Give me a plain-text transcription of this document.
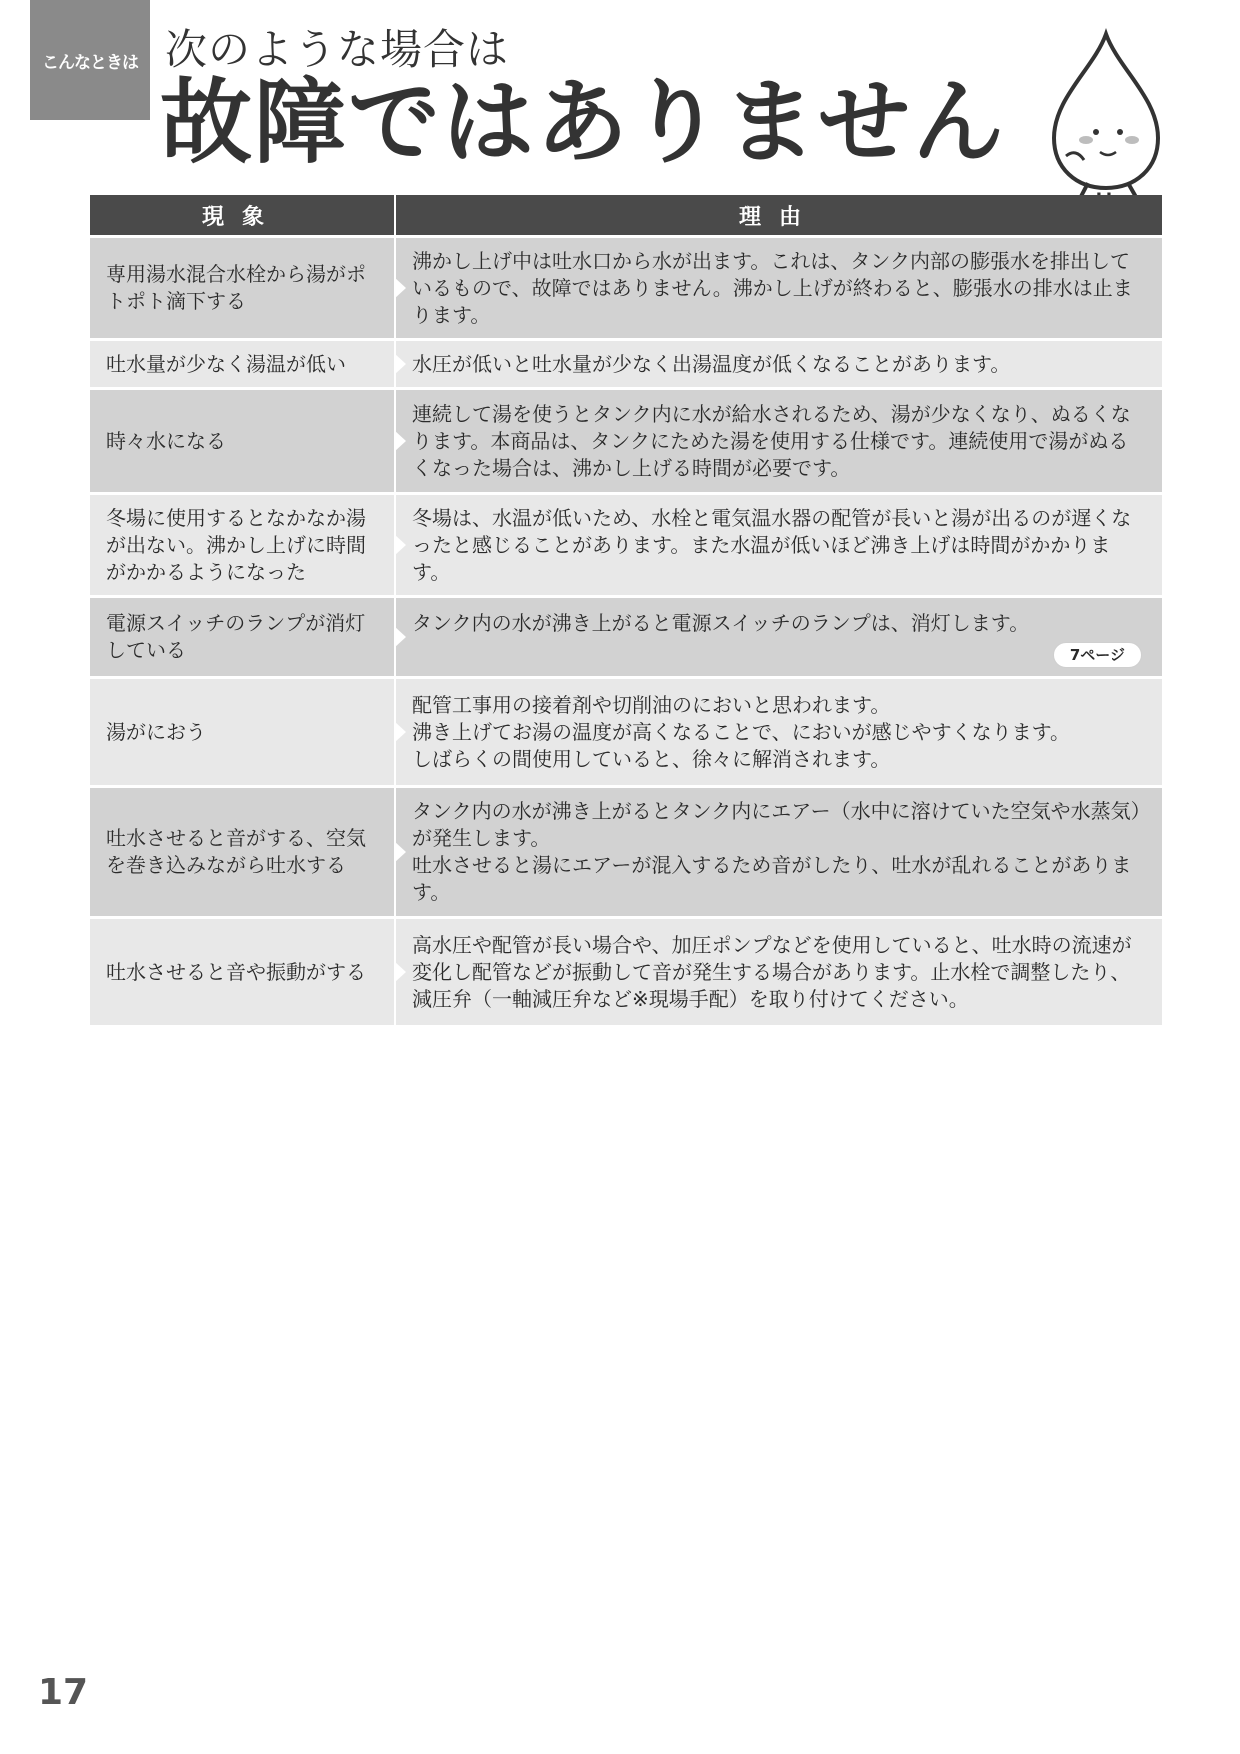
こんなときは 次のような場合は
故障ではありません
現象	理由
専用湯水混合水栓から湯がポトポト滴下する
沸かし上げ中は吐水口から水が出ます。これは、タンク内部の膨張水を排出しているもので、故障ではありません。沸かし上げが終わると、膨張水の排水は止まります。
吐水量が少なく湯温が低い	水圧が低いと吐水量が少なく出湯温度が低くなることがあります。
時々水になる
連続して湯を使うとタンク内に水が給水されるため、湯が少なくなり、ぬるくなります。本商品は、タンクにためた湯を使用する仕様です。連続使用で湯がぬるくなった場合は、沸かし上げる時間が必要です。
冬場に使用するとなかなか湯が出ない。沸かし上げに時間がかかるようになった
冬場は、水温が低いため、水栓と電気温水器の配管が長いと湯が出るのが遅くなったと感じることがあります。また水温が低いほど沸き上げは時間がかかります。
電源スイッチのランプが消灯している
タンク内の水が沸き上がると電源スイッチのランプは、消灯します。
7ページ
湯がにおう
配管工事用の接着剤や切削油のにおいと思われます。
沸き上げてお湯の温度が高くなることで、においが感じやすくなります。
しばらくの間使用していると、徐々に解消されます。
吐水させると音がする、空気を巻き込みながら吐水する
タンク内の水が沸き上がるとタンク内にエアー（水中に溶けていた空気や水蒸気）が発生します。
吐水させると湯にエアーが混入するため音がしたり、吐水が乱れることがあります。
吐水させると音や振動がする
高水圧や配管が長い場合や、加圧ポンプなどを使用していると、吐水時の流速が変化し配管などが振動して音が発生する場合があります。止水栓で調整したり、減圧弁（一軸減圧弁など※現場手配）を取り付けてください。
17
